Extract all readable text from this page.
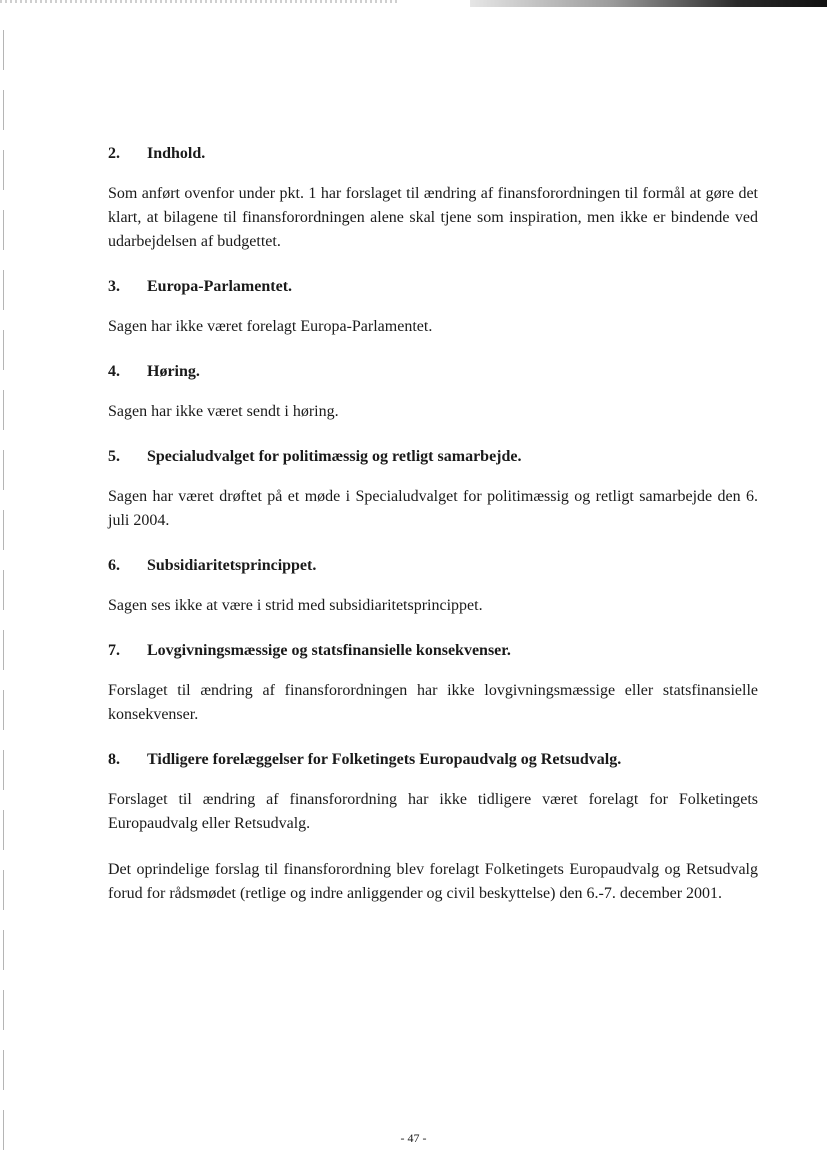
2.	Indhold.

Som anført ovenfor under pkt. 1 har forslaget til ændring af finansforordningen til formål at gøre det klart, at bilagene til finansforordningen alene skal tjene som inspiration, men ikke er bindende ved udarbejdelsen af budgettet.

3.	Europa-Parlamentet.

Sagen har ikke været forelagt Europa-Parlamentet.

4.	Høring.

Sagen har ikke været sendt i høring.

5.	Specialudvalget for politimæssig og retligt samarbejde.

Sagen har været drøftet på et møde i Specialudvalget for politimæssig og retligt samarbejde den 6. juli 2004.

6.	Subsidiaritetsprincippet.

Sagen ses ikke at være i strid med subsidiaritetsprincippet.

7.	Lovgivningsmæssige og statsfinansielle konsekvenser.

Forslaget til ændring af finansforordningen har ikke lovgivningsmæssige eller statsfinansielle konsekvenser.

8.	Tidligere forelæggelser for Folketingets Europaudvalg og Retsudvalg.

Forslaget til ændring af finansforordning har ikke tidligere været forelagt for Folketingets Europaudvalg eller Retsudvalg.

Det oprindelige forslag til finansforordning blev forelagt Folketingets Europaudvalg og Retsudvalg forud for rådsmødet (retlige og indre anliggender og civil beskyttelse) den 6.-7. december 2001.

- 47 -
